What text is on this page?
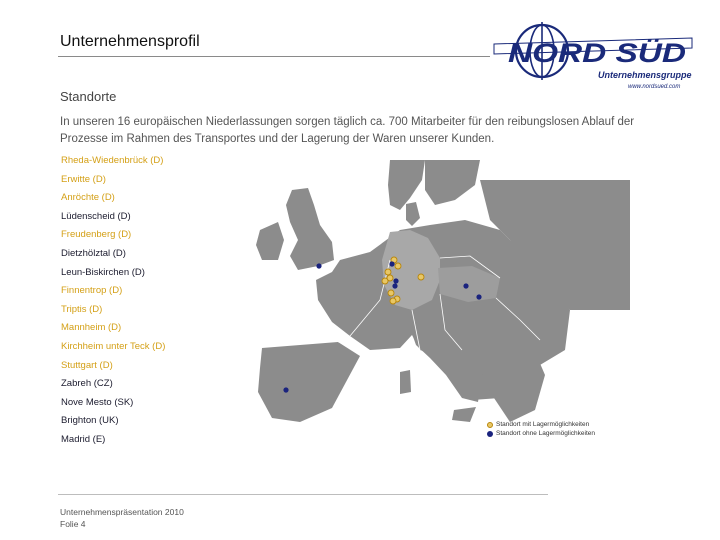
Unternehmensprofil	NORD SÜD
Unternehmensgruppe
www.nordsued.com
Standorte
In unseren 16 europäischen Niederlassungen sorgen täglich ca. 700 Mitarbeiter für den reibungslosen Ablauf der Prozesse im Rahmen des Transportes und der Lagerung der Waren unserer Kunden.
Rheda-Wiedenbrück (D)
Erwitte (D)
Anröchte (D)
Lüdenscheid (D)
Freudenberg (D)
Dietzhölztal (D)
Leun-Biskirchen (D)
Finnentrop (D)
Triptis (D)
Mannheim (D)
Kirchheim unter Teck (D)
Stuttgart (D)
Zabreh (CZ)
Nove Mesto (SK)
Brighton (UK)
Madrid (E)
Standort mit Lagermöglichkeiten
Standort ohne Lagermöglichkeiten
Unternehmenspräsentation 2010
Folie 4
